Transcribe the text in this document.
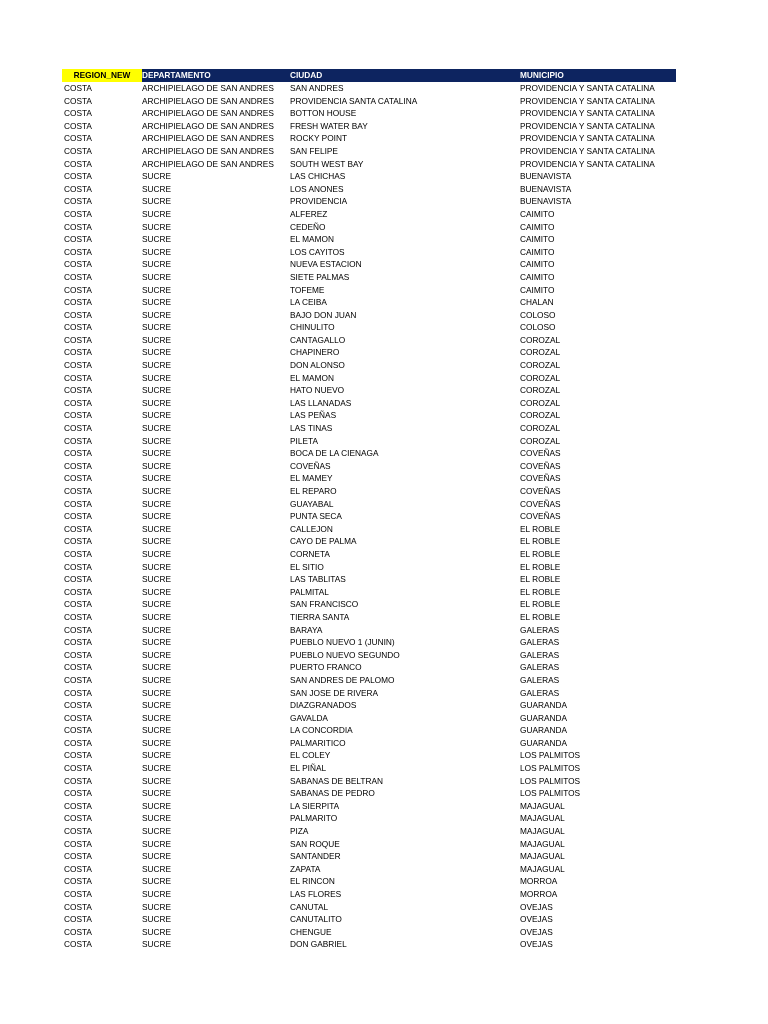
REGION_NEW	DEPARTAMENTO	CIUDAD	MUNICIPIO
COSTA	ARCHIPIELAGO DE SAN ANDRES	SAN ANDRES	PROVIDENCIA Y SANTA CATALINA
COSTA	ARCHIPIELAGO DE SAN ANDRES	PROVIDENCIA SANTA CATALINA	PROVIDENCIA Y SANTA CATALINA
COSTA	ARCHIPIELAGO DE SAN ANDRES	BOTTON HOUSE	PROVIDENCIA Y SANTA CATALINA
COSTA	ARCHIPIELAGO DE SAN ANDRES	FRESH WATER BAY	PROVIDENCIA Y SANTA CATALINA
COSTA	ARCHIPIELAGO DE SAN ANDRES	ROCKY POINT	PROVIDENCIA Y SANTA CATALINA
COSTA	ARCHIPIELAGO DE SAN ANDRES	SAN FELIPE	PROVIDENCIA Y SANTA CATALINA
COSTA	ARCHIPIELAGO DE SAN ANDRES	SOUTH WEST BAY	PROVIDENCIA Y SANTA CATALINA
COSTA	SUCRE	LAS CHICHAS	BUENAVISTA
COSTA	SUCRE	LOS ANONES	BUENAVISTA
COSTA	SUCRE	PROVIDENCIA	BUENAVISTA
COSTA	SUCRE	ALFEREZ	CAIMITO
COSTA	SUCRE	CEDEÑO	CAIMITO
COSTA	SUCRE	EL MAMON	CAIMITO
COSTA	SUCRE	LOS CAYITOS	CAIMITO
COSTA	SUCRE	NUEVA ESTACION	CAIMITO
COSTA	SUCRE	SIETE PALMAS	CAIMITO
COSTA	SUCRE	TOFEME	CAIMITO
COSTA	SUCRE	LA CEIBA	CHALAN
COSTA	SUCRE	BAJO DON JUAN	COLOSO
COSTA	SUCRE	CHINULITO	COLOSO
COSTA	SUCRE	CANTAGALLO	COROZAL
COSTA	SUCRE	CHAPINERO	COROZAL
COSTA	SUCRE	DON ALONSO	COROZAL
COSTA	SUCRE	EL MAMON	COROZAL
COSTA	SUCRE	HATO NUEVO	COROZAL
COSTA	SUCRE	LAS LLANADAS	COROZAL
COSTA	SUCRE	LAS PEÑAS	COROZAL
COSTA	SUCRE	LAS TINAS	COROZAL
COSTA	SUCRE	PILETA	COROZAL
COSTA	SUCRE	BOCA DE LA CIENAGA	COVEÑAS
COSTA	SUCRE	COVEÑAS	COVEÑAS
COSTA	SUCRE	EL MAMEY	COVEÑAS
COSTA	SUCRE	EL REPARO	COVEÑAS
COSTA	SUCRE	GUAYABAL	COVEÑAS
COSTA	SUCRE	PUNTA SECA	COVEÑAS
COSTA	SUCRE	CALLEJON	EL ROBLE
COSTA	SUCRE	CAYO DE PALMA	EL ROBLE
COSTA	SUCRE	CORNETA	EL ROBLE
COSTA	SUCRE	EL SITIO	EL ROBLE
COSTA	SUCRE	LAS TABLITAS	EL ROBLE
COSTA	SUCRE	PALMITAL	EL ROBLE
COSTA	SUCRE	SAN FRANCISCO	EL ROBLE
COSTA	SUCRE	TIERRA SANTA	EL ROBLE
COSTA	SUCRE	BARAYA	GALERAS
COSTA	SUCRE	PUEBLO NUEVO 1 (JUNIN)	GALERAS
COSTA	SUCRE	PUEBLO NUEVO SEGUNDO	GALERAS
COSTA	SUCRE	PUERTO FRANCO	GALERAS
COSTA	SUCRE	SAN ANDRES DE PALOMO	GALERAS
COSTA	SUCRE	SAN JOSE DE RIVERA	GALERAS
COSTA	SUCRE	DIAZGRANADOS	GUARANDA
COSTA	SUCRE	GAVALDA	GUARANDA
COSTA	SUCRE	LA CONCORDIA	GUARANDA
COSTA	SUCRE	PALMARITICO	GUARANDA
COSTA	SUCRE	EL COLEY	LOS PALMITOS
COSTA	SUCRE	EL PIÑAL	LOS PALMITOS
COSTA	SUCRE	SABANAS DE BELTRAN	LOS PALMITOS
COSTA	SUCRE	SABANAS DE PEDRO	LOS PALMITOS
COSTA	SUCRE	LA SIERPITA	MAJAGUAL
COSTA	SUCRE	PALMARITO	MAJAGUAL
COSTA	SUCRE	PIZA	MAJAGUAL
COSTA	SUCRE	SAN ROQUE	MAJAGUAL
COSTA	SUCRE	SANTANDER	MAJAGUAL
COSTA	SUCRE	ZAPATA	MAJAGUAL
COSTA	SUCRE	EL RINCON	MORROA
COSTA	SUCRE	LAS FLORES	MORROA
COSTA	SUCRE	CANUTAL	OVEJAS
COSTA	SUCRE	CANUTALITO	OVEJAS
COSTA	SUCRE	CHENGUE	OVEJAS
COSTA	SUCRE	DON GABRIEL	OVEJAS
